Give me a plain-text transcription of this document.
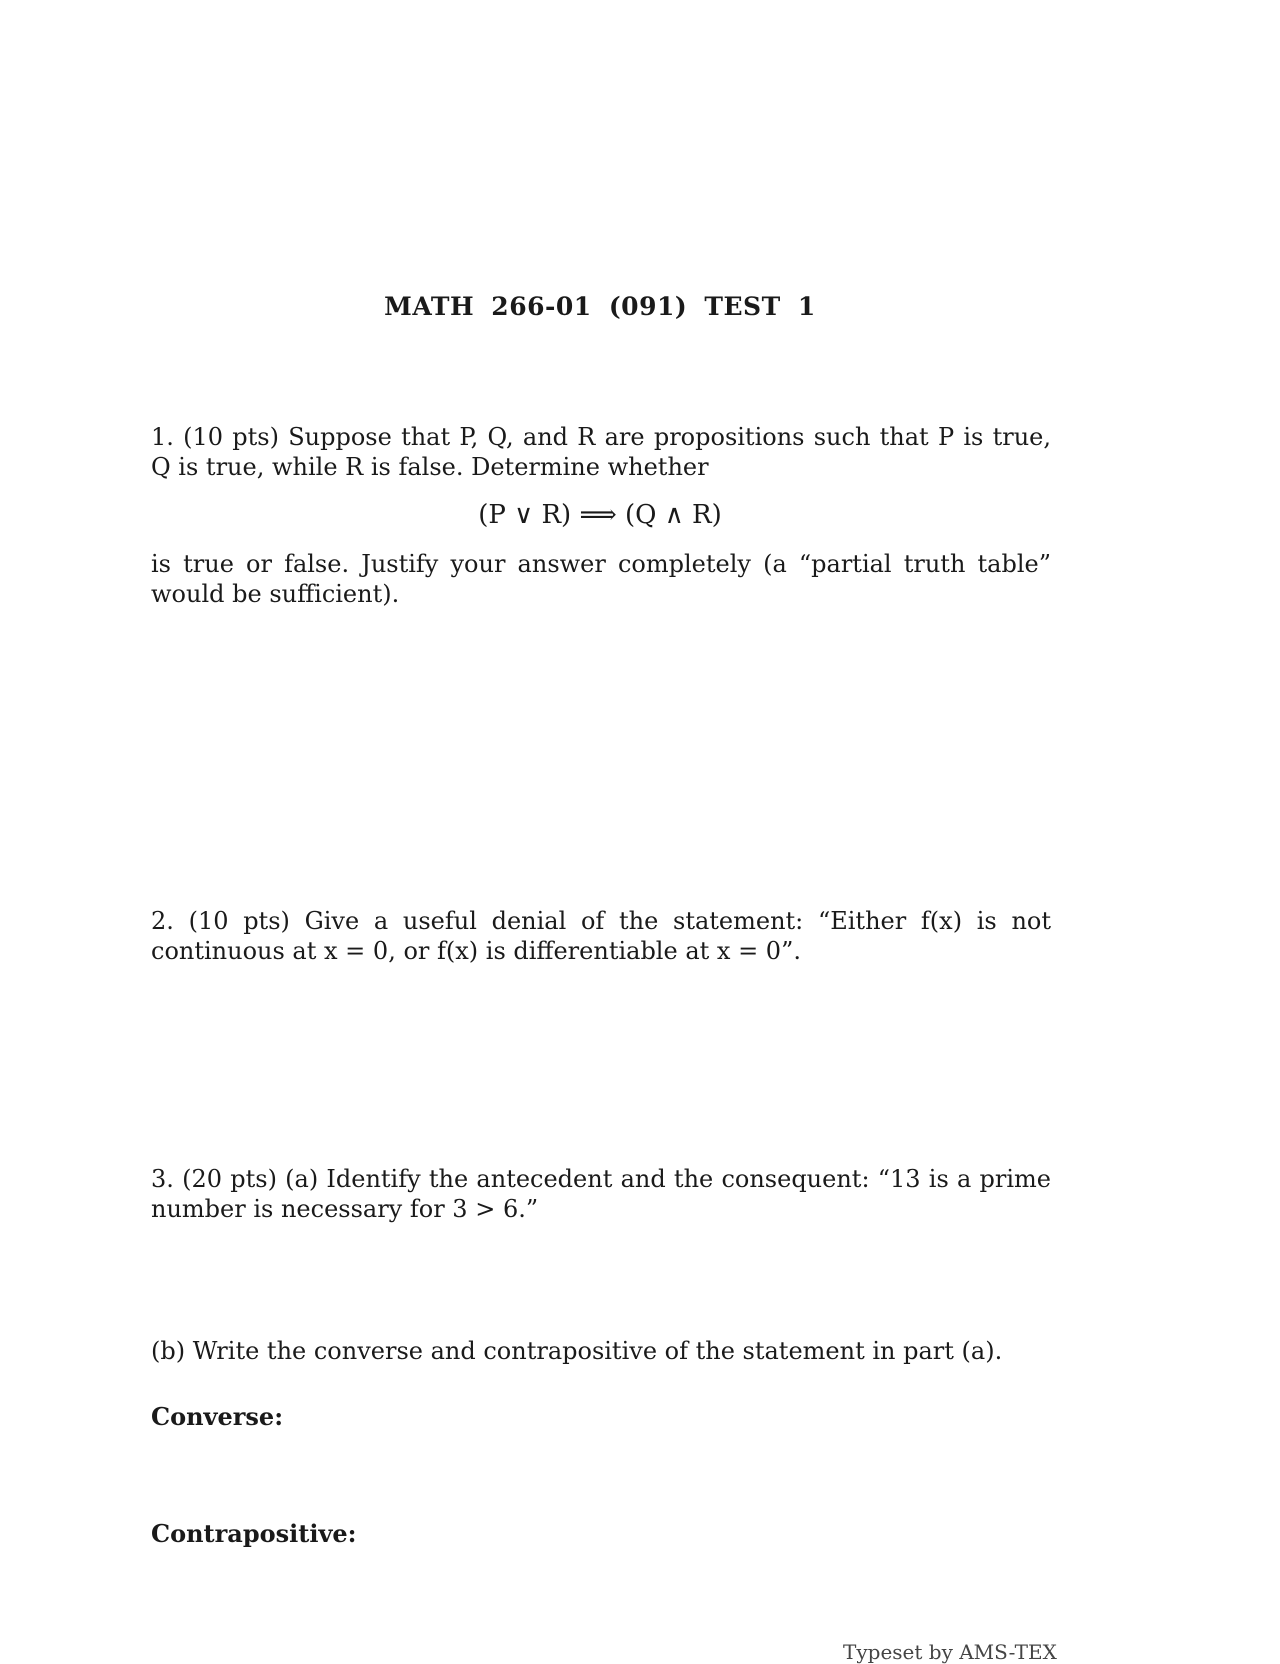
MATH 266-01 (091) TEST 1
1. (10 pts) Suppose that P, Q, and R are propositions such that P is true, Q is true, while R is false. Determine whether
(P ∨ R) ⟹ (Q ∧ R)
is true or false. Justify your answer completely (a “partial truth table” would be sufficient).
2. (10 pts) Give a useful denial of the statement: “Either f(x) is not continuous at x = 0, or f(x) is differentiable at x = 0”.
3. (20 pts) (a) Identify the antecedent and the consequent: “13 is a prime number is necessary for 3 > 6.”
(b) Write the converse and contrapositive of the statement in part (a).
Converse:
Contrapositive:
Typeset by AMS-TEX
